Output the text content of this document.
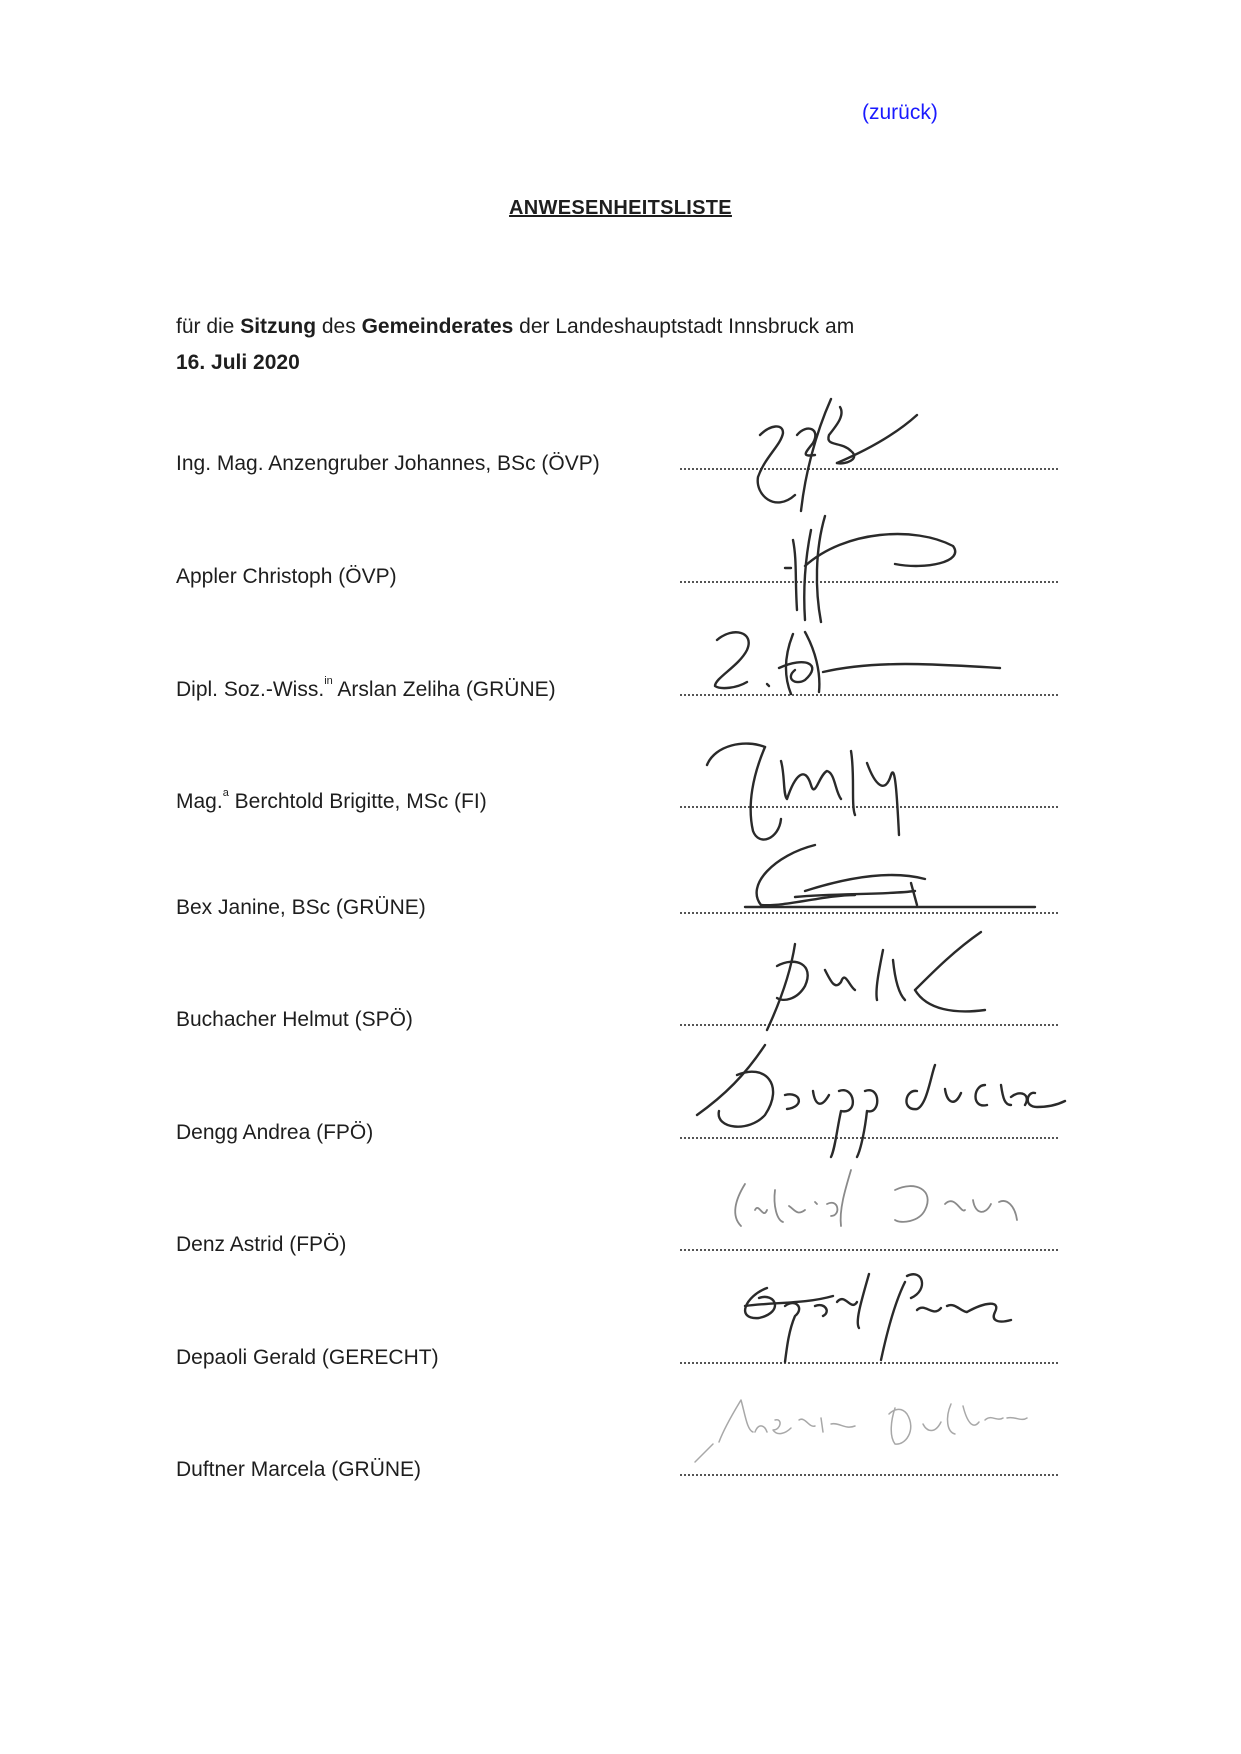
(zurück)
ANWESENHEITSLISTE
für die Sitzung des Gemeinderates der Landeshauptstadt Innsbruck am
16. Juli 2020
Ing. Mag. Anzengruber Johannes, BSc (ÖVP)
Appler Christoph (ÖVP)
Dipl. Soz.-Wiss.$^{in}$ Arslan Zeliha (GRÜNE)
Mag.$^a$ Berchtold Brigitte, MSc (FI)
Bex Janine, BSc (GRÜNE)
Buchacher Helmut (SPÖ)
Dengg Andrea (FPÖ)
Denz Astrid (FPÖ)
Depaoli Gerald (GERECHT)
Duftner Marcela (GRÜNE)
